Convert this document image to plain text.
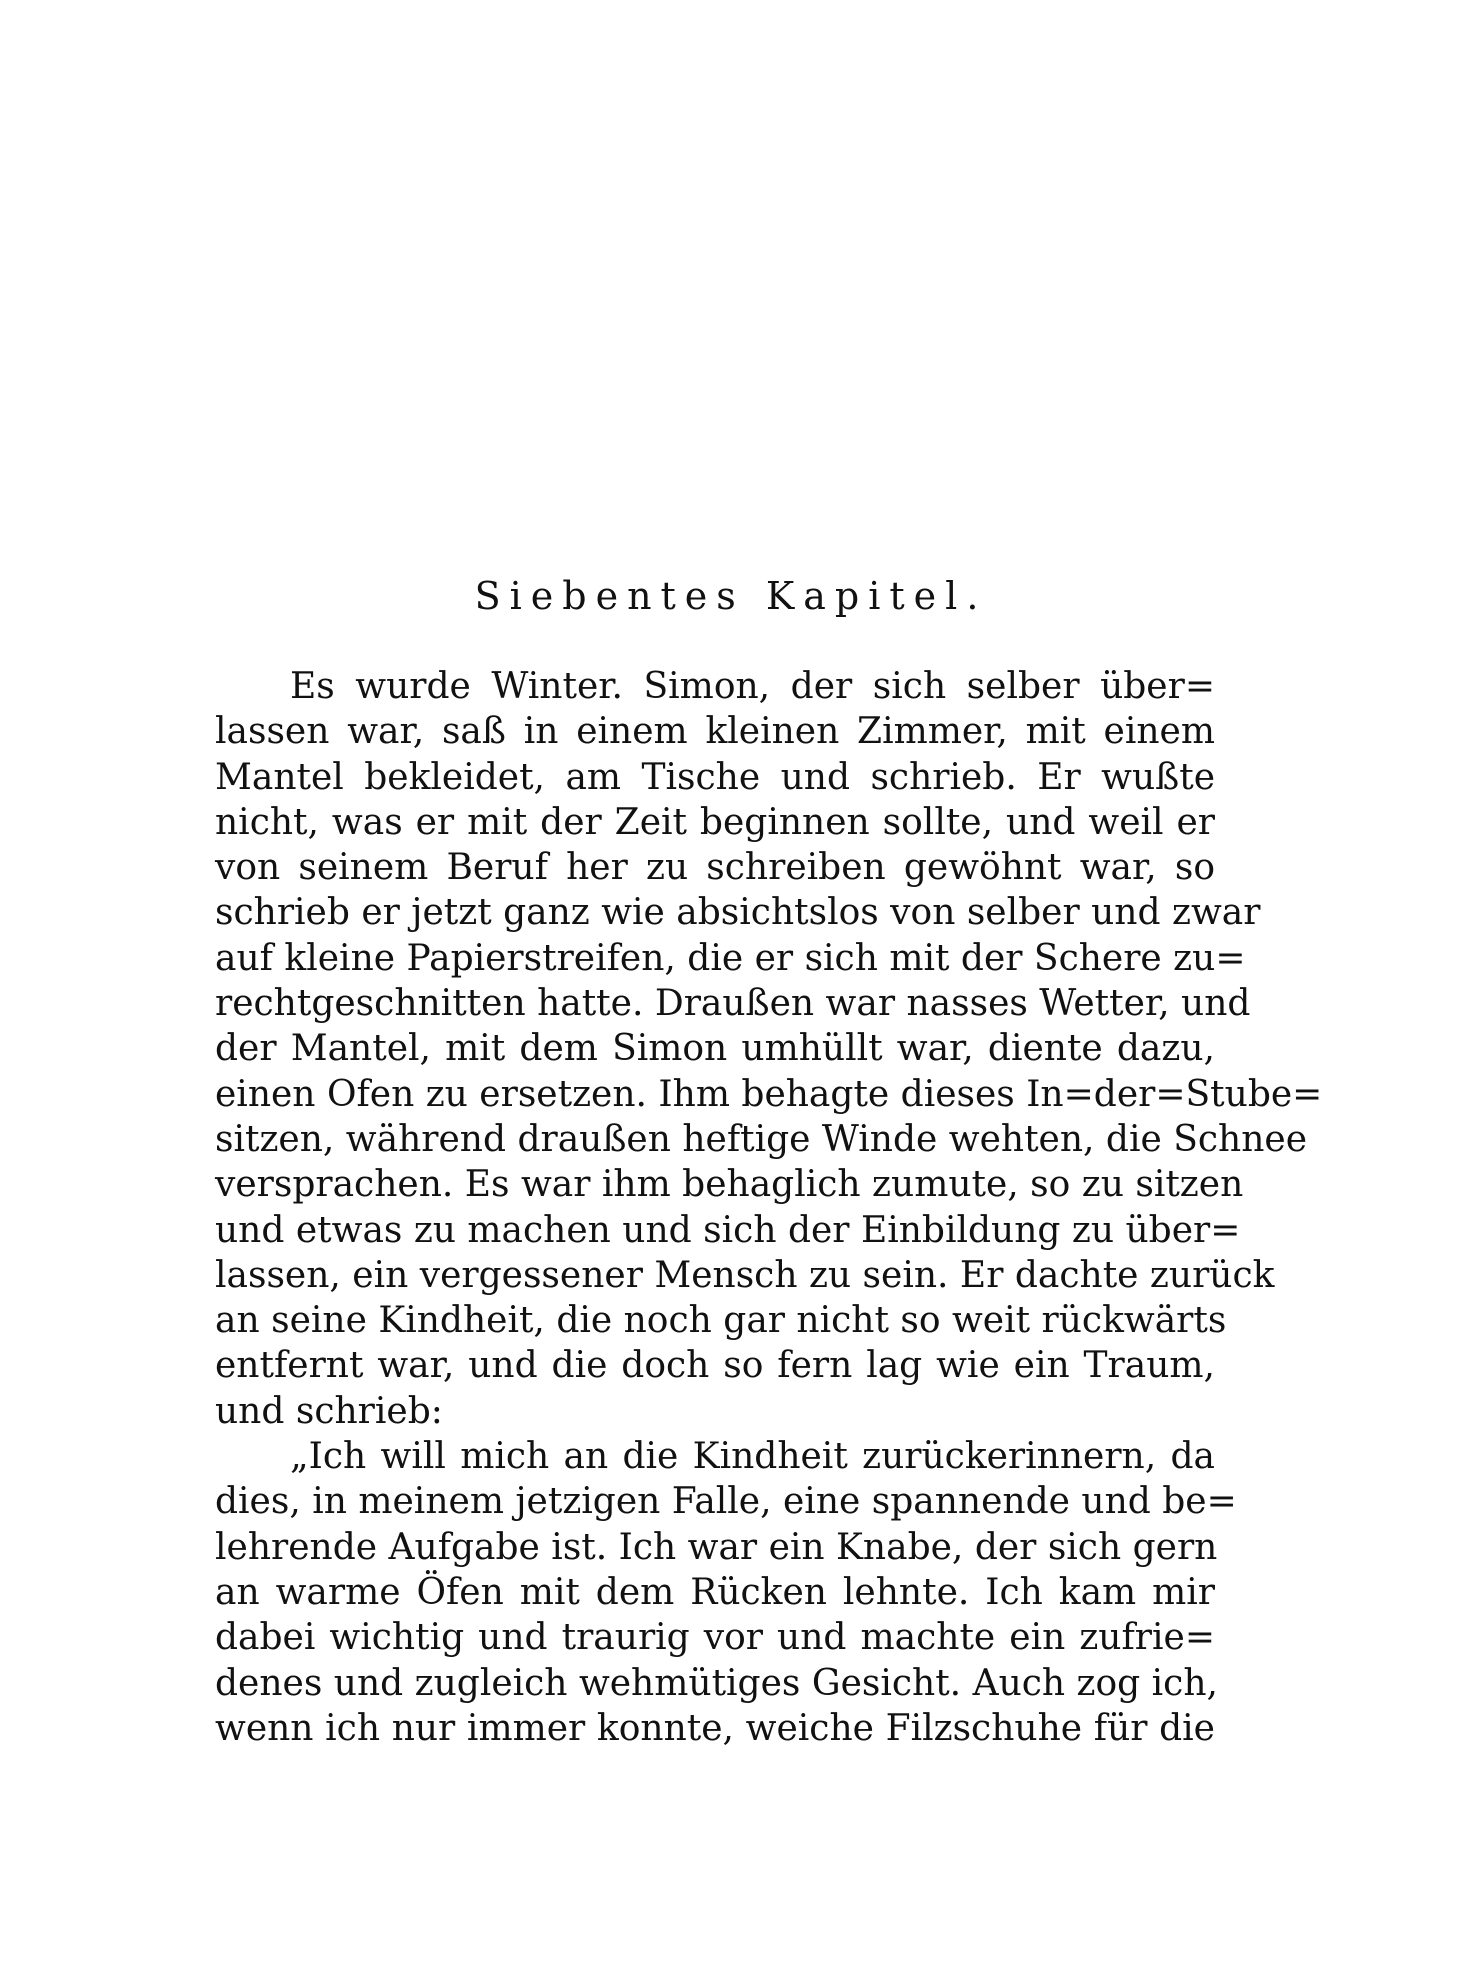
Siebentes Kapitel.
Es wurde Winter. Simon, der sich selber über=
lassen war, saß in einem kleinen Zimmer, mit einem
Mantel bekleidet, am Tische und schrieb. Er wußte
nicht, was er mit der Zeit beginnen sollte, und weil er
von seinem Beruf her zu schreiben gewöhnt war, so
schrieb er jetzt ganz wie absichtslos von selber und zwar
auf kleine Papierstreifen, die er sich mit der Schere zu=
rechtgeschnitten hatte. Draußen war nasses Wetter, und
der Mantel, mit dem Simon umhüllt war, diente dazu,
einen Ofen zu ersetzen. Ihm behagte dieses In=der=Stube=
sitzen, während draußen heftige Winde wehten, die Schnee
versprachen. Es war ihm behaglich zumute, so zu sitzen
und etwas zu machen und sich der Einbildung zu über=
lassen, ein vergessener Mensch zu sein. Er dachte zurück
an seine Kindheit, die noch gar nicht so weit rückwärts
entfernt war, und die doch so fern lag wie ein Traum,
und schrieb:
„Ich will mich an die Kindheit zurückerinnern, da
dies, in meinem jetzigen Falle, eine spannende und be=
lehrende Aufgabe ist. Ich war ein Knabe, der sich gern
an warme Öfen mit dem Rücken lehnte. Ich kam mir
dabei wichtig und traurig vor und machte ein zufrie=
denes und zugleich wehmütiges Gesicht. Auch zog ich,
wenn ich nur immer konnte, weiche Filzschuhe für die
